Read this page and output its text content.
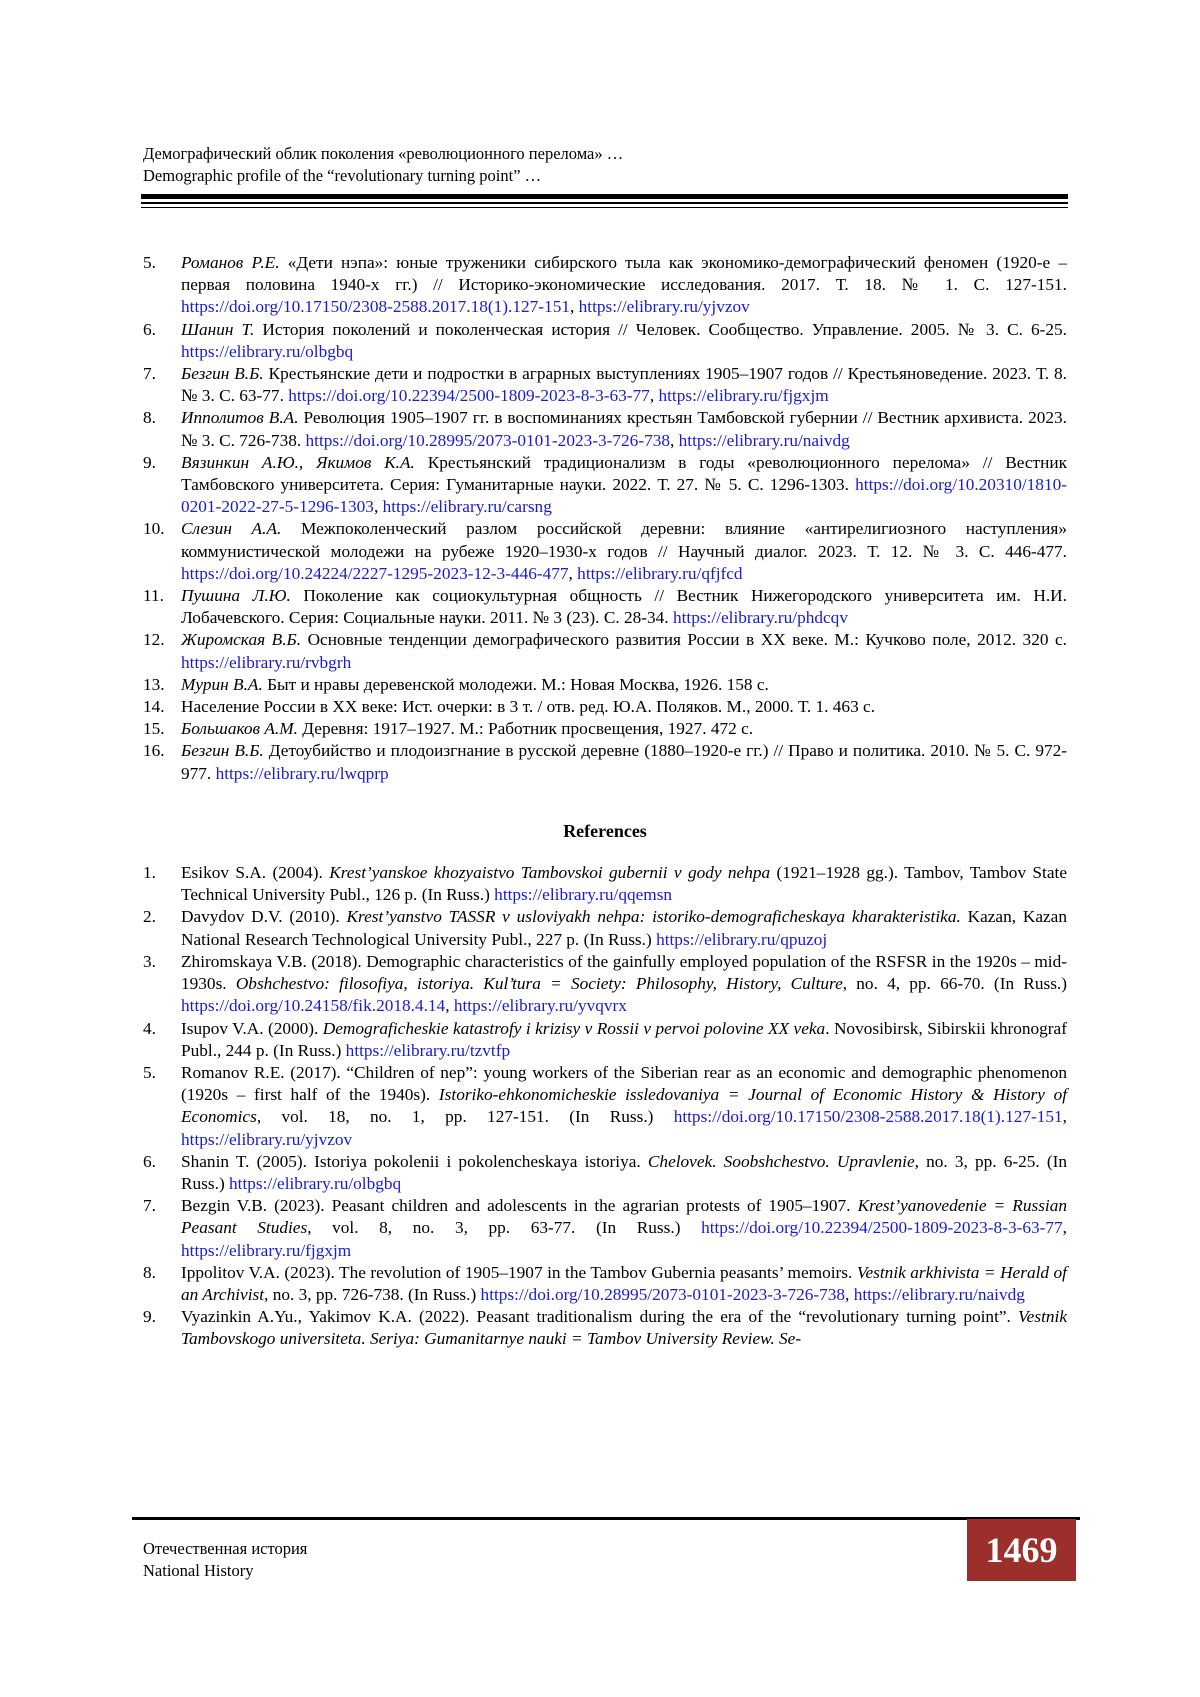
Демографический облик поколения «революционного перелома» …
Demographic profile of the “revolutionary turning point” …
5.	Романов Р.Е. «Дети нэпа»: юные труженики сибирского тыла как экономико-демографический феномен (1920-е – первая половина 1940-х гг.) // Историко-экономические исследования. 2017. Т. 18. № 1. С. 127-151. https://doi.org/10.17150/2308-2588.2017.18(1).127-151, https://elibrary.ru/yjvzov
6.	Шанин Т. История поколений и поколенческая история // Человек. Сообщество. Управление. 2005. № 3. С. 6-25. https://elibrary.ru/olbgbq
7.	Безгин В.Б. Крестьянские дети и подростки в аграрных выступлениях 1905–1907 годов // Крестьяноведение. 2023. Т. 8. № 3. С. 63-77. https://doi.org/10.22394/2500-1809-2023-8-3-63-77, https://elibrary.ru/fjgxjm
8.	Ипполитов В.А. Революция 1905–1907 гг. в воспоминаниях крестьян Тамбовской губернии // Вестник архивиста. 2023. № 3. С. 726-738. https://doi.org/10.28995/2073-0101-2023-3-726-738, https://elibrary.ru/naivdg
9.	Вязинкин А.Ю., Якимов К.А. Крестьянский традиционализм в годы «революционного перелома» // Вестник Тамбовского университета. Серия: Гуманитарные науки. 2022. Т. 27. № 5. С. 1296-1303. https://doi.org/10.20310/1810-0201-2022-27-5-1296-1303, https://elibrary.ru/carsng
10. Слезин А.А. Межпоколенческий разлом российской деревни: влияние «антирелигиозного наступления» коммунистической молодежи на рубеже 1920–1930-х годов // Научный диалог. 2023. Т. 12. № 3. С. 446-477. https://doi.org/10.24224/2227-1295-2023-12-3-446-477, https://elibrary.ru/qfjfcd
11. Пушина Л.Ю. Поколение как социокультурная общность // Вестник Нижегородского университета им. Н.И. Лобачевского. Серия: Социальные науки. 2011. № 3 (23). С. 28-34. https://elibrary.ru/phdcqv
12. Жиромская В.Б. Основные тенденции демографического развития России в XX веке. М.: Кучково поле, 2012. 320 с. https://elibrary.ru/rvbgrh
13. Мурин В.А. Быт и нравы деревенской молодежи. М.: Новая Москва, 1926. 158 с.
14. Население России в XX веке: Ист. очерки: в 3 т. / отв. ред. Ю.А. Поляков. М., 2000. Т. 1. 463 с.
15. Большаков А.М. Деревня: 1917–1927. М.: Работник просвещения, 1927. 472 с.
16. Безгин В.Б. Детоубийство и плодоизгнание в русской деревне (1880–1920-е гг.) // Право и политика. 2010. № 5. С. 972-977. https://elibrary.ru/lwqprp
References
1.	Esikov S.A. (2004). Krest’yanskoe khozyaistvo Tambovskoi gubernii v gody nehpa (1921–1928 gg.). Tambov, Tambov State Technical University Publ., 126 p. (In Russ.) https://elibrary.ru/qqemsn
2.	Davydov D.V. (2010). Krest’yanstvo TASSR v usloviyakh nehpa: istoriko-demograficheskaya kharakteristika. Kazan, Kazan National Research Technological University Publ., 227 p. (In Russ.) https://elibrary.ru/qpuzoj
3.	Zhiromskaya V.B. (2018). Demographic characteristics of the gainfully employed population of the RSFSR in the 1920s – mid-1930s. Obshchestvo: filosofiya, istoriya. Kul’tura = Society: Philosophy, History, Culture, no. 4, pp. 66-70. (In Russ.) https://doi.org/10.24158/fik.2018.4.14, https://elibrary.ru/yvqvrx
4.	Isupov V.A. (2000). Demograficheskie katastrofy i krizisy v Rossii v pervoi polovine XX veka. Novosibirsk, Sibirskii khronograf Publ., 244 p. (In Russ.) https://elibrary.ru/tzvtfp
5.	Romanov R.E. (2017). “Children of nep”: young workers of the Siberian rear as an economic and demographic phenomenon (1920s – first half of the 1940s). Istoriko-ehkonomicheskie issledovaniya = Journal of Economic History & History of Economics, vol. 18, no. 1, pp. 127-151. (In Russ.) https://doi.org/10.17150/2308-2588.2017.18(1).127-151, https://elibrary.ru/yjvzov
6.	Shanin T. (2005). Istoriya pokolenii i pokolencheskaya istoriya. Chelovek. Soobshchestvo. Upravlenie, no. 3, pp. 6-25. (In Russ.) https://elibrary.ru/olbgbq
7.	Bezgin V.B. (2023). Peasant children and adolescents in the agrarian protests of 1905–1907. Krest’yanovedenie = Russian Peasant Studies, vol. 8, no. 3, pp. 63-77. (In Russ.) https://doi.org/10.22394/2500-1809-2023-8-3-63-77, https://elibrary.ru/fjgxjm
8.	Ippolitov V.A. (2023). The revolution of 1905–1907 in the Tambov Gubernia peasants’ memoirs. Vestnik arkhivista = Herald of an Archivist, no. 3, pp. 726-738. (In Russ.) https://doi.org/10.28995/2073-0101-2023-3-726-738, https://elibrary.ru/naivdg
9.	Vyazinkin A.Yu., Yakimov K.A. (2022). Peasant traditionalism during the era of the “revolutionary turning point”. Vestnik Tambovskogo universiteta. Seriya: Gumanitarnye nauki = Tambov University Review. Se-
Отечественная история
National History
1469
